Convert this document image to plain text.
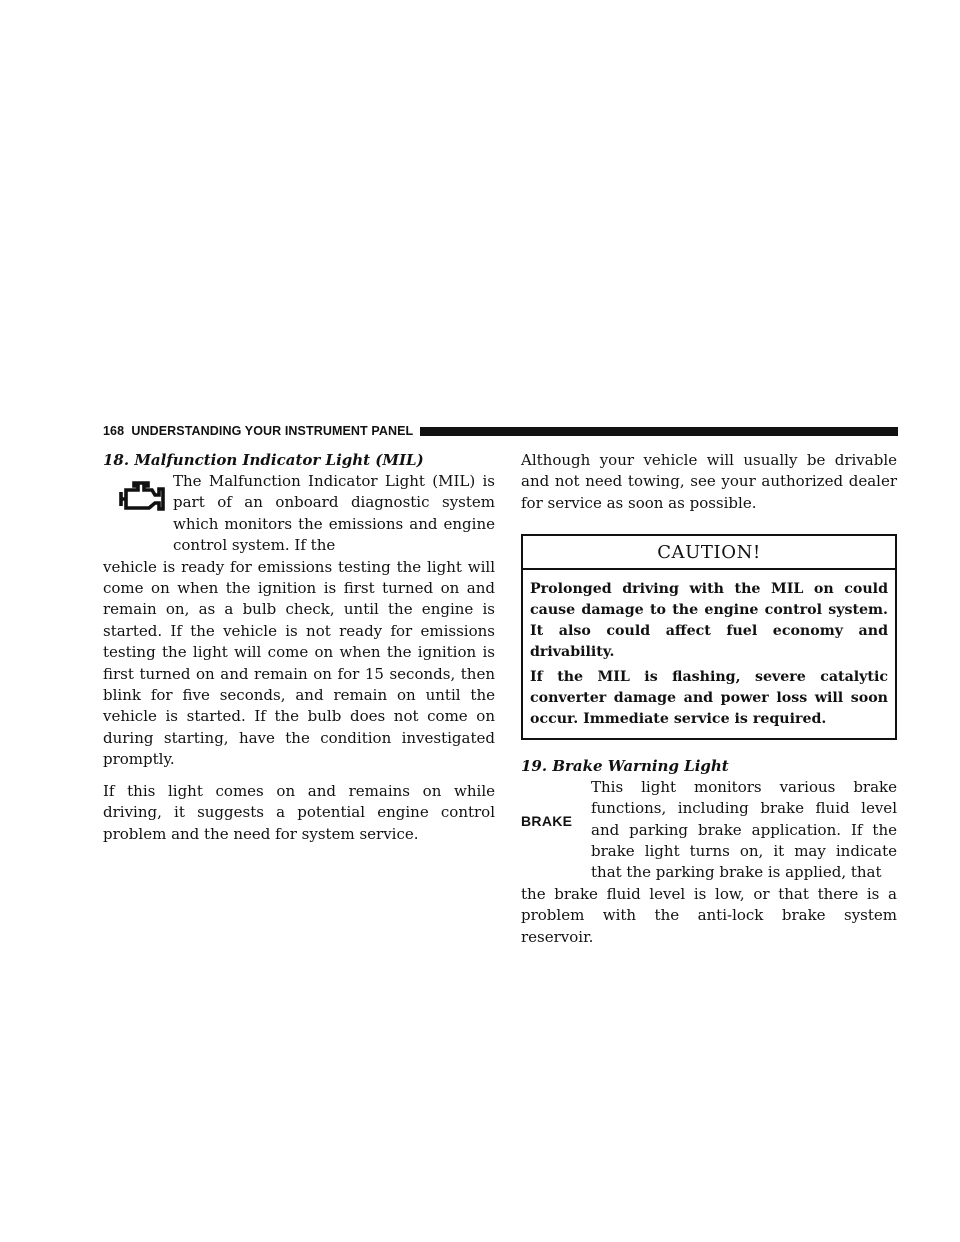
168 UNDERSTANDING YOUR INSTRUMENT PANEL

18. Malfunction Indicator Light (MIL)

The Malfunction Indicator Light (MIL) is part of an onboard diagnostic system which monitors the emissions and engine control system. If the

vehicle is ready for emissions testing the light will come on when the ignition is first turned on and remain on, as a bulb check, until the engine is started. If the vehicle is not ready for emissions testing the light will come on when the ignition is first turned on and remain on for 15 seconds, then blink for five seconds, and remain on until the vehicle is started. If the bulb does not come on during starting, have the condition investigated promptly.

If this light comes on and remains on while driving, it suggests a potential engine control problem and the need for system service.

Although your vehicle will usually be drivable and not need towing, see your authorized dealer for service as soon as possible.

CAUTION!

Prolonged driving with the MIL on could cause damage to the engine control system. It also could affect fuel economy and drivability.

If the MIL is flashing, severe catalytic converter damage and power loss will soon occur. Immediate service is required.

19. Brake Warning Light

BRAKE

This light monitors various brake functions, including brake fluid level and parking brake application. If the brake light turns on, it may indicate that the parking brake is applied, that

the brake fluid level is low, or that there is a problem with the anti-lock brake system reservoir.
